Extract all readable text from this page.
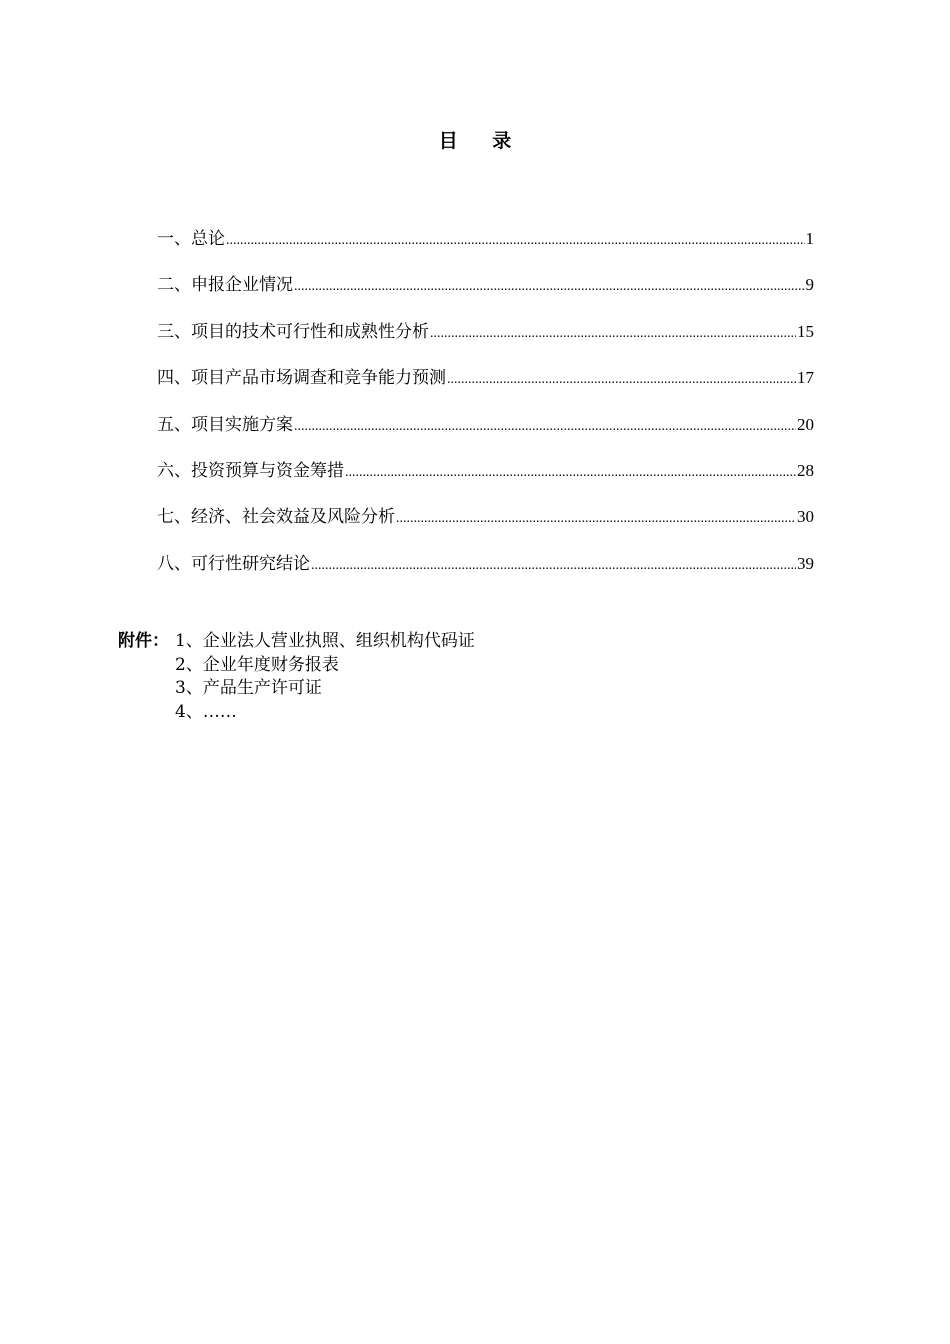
目 录
一、总论 .....	1
二、申报企业情况 .....	9
三、项目的技术可行性和成熟性分析 .....	15
四、项目产品市场调查和竞争能力预测 .....	17
五、项目实施方案 .....	20
六、投资预算与资金筹措 .....	28
七、经济、社会效益及风险分析 .....	30
八、可行性研究结论 .....	39
附件： 1、企业法人营业执照、组织机构代码证
2、企业年度财务报表
3、产品生产许可证
4、……
